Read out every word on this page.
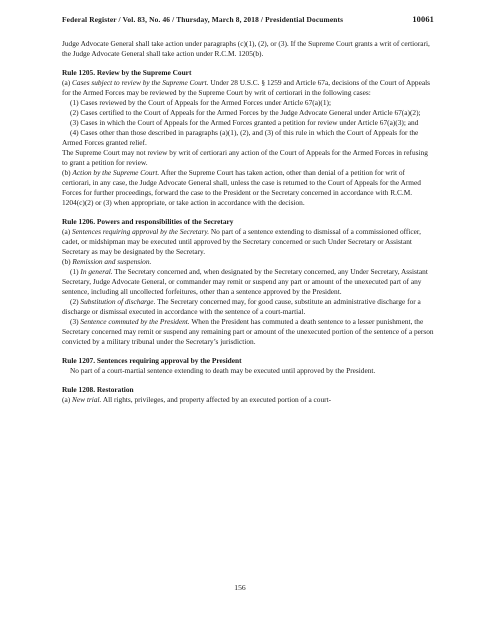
Federal Register / Vol. 83, No. 46 / Thursday, March 8, 2018 / Presidential Documents	10061

Judge Advocate General shall take action under paragraphs (c)(1), (2), or (3). If the Supreme Court grants a writ of certiorari, the Judge Advocate General shall take action under R.C.M. 1205(b).

Rule 1205. Review by the Supreme Court

(a) Cases subject to review by the Supreme Court. Under 28 U.S.C. § 1259 and Article 67a, decisions of the Court of Appeals for the Armed Forces may be reviewed by the Supreme Court by writ of certiorari in the following cases:

(1) Cases reviewed by the Court of Appeals for the Armed Forces under Article 67(a)(1);

(2) Cases certified to the Court of Appeals for the Armed Forces by the Judge Advocate General under Article 67(a)(2);

(3) Cases in which the Court of Appeals for the Armed Forces granted a petition for review under Article 67(a)(3); and

(4) Cases other than those described in paragraphs (a)(1), (2), and (3) of this rule in which the Court of Appeals for the Armed Forces granted relief.

The Supreme Court may not review by writ of certiorari any action of the Court of Appeals for the Armed Forces in refusing to grant a petition for review.

(b) Action by the Supreme Court. After the Supreme Court has taken action, other than denial of a petition for writ of certiorari, in any case, the Judge Advocate General shall, unless the case is returned to the Court of Appeals for the Armed Forces for further proceedings, forward the case to the President or the Secretary concerned in accordance with R.C.M. 1204(c)(2) or (3) when appropriate, or take action in accordance with the decision.

Rule 1206. Powers and responsibilities of the Secretary

(a) Sentences requiring approval by the Secretary. No part of a sentence extending to dismissal of a commissioned officer, cadet, or midshipman may be executed until approved by the Secretary concerned or such Under Secretary or Assistant Secretary as may be designated by the Secretary.

(b) Remission and suspension.

(1) In general. The Secretary concerned and, when designated by the Secretary concerned, any Under Secretary, Assistant Secretary, Judge Advocate General, or commander may remit or suspend any part or amount of the unexecuted part of any sentence, including all uncollected forfeitures, other than a sentence approved by the President.

(2) Substitution of discharge. The Secretary concerned may, for good cause, substitute an administrative discharge for a discharge or dismissal executed in accordance with the sentence of a court-martial.

(3) Sentence commuted by the President. When the President has commuted a death sentence to a lesser punishment, the Secretary concerned may remit or suspend any remaining part or amount of the unexecuted portion of the sentence of a person convicted by a military tribunal under the Secretary’s jurisdiction.

Rule 1207. Sentences requiring approval by the President

No part of a court-martial sentence extending to death may be executed until approved by the President.

Rule 1208. Restoration

(a) New trial. All rights, privileges, and property affected by an executed portion of a court-

156
